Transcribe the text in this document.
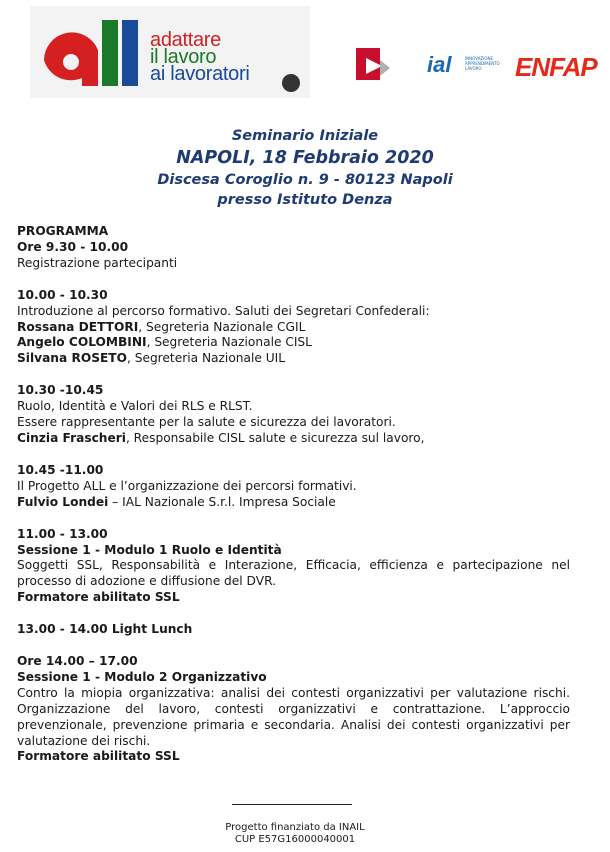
adattare
il lavoro
ai lavoratori	ial	INNOVAZIONE APPRENDIMENTO LAVORO	ENFAP
Seminario Iniziale
NAPOLI, 18 Febbraio 2020
Discesa Coroglio n. 9 - 80123 Napoli
presso Istituto Denza
PROGRAMMA
Ore 9.30 - 10.00
Registrazione partecipanti
10.00 - 10.30
Introduzione al percorso formativo. Saluti dei Segretari Confederali:
Rossana DETTORI, Segreteria Nazionale CGIL
Angelo COLOMBINI, Segreteria Nazionale CISL
Silvana ROSETO, Segreteria Nazionale UIL
10.30 -10.45
Ruolo, Identità e Valori dei RLS e RLST.
Essere rappresentante per la salute e sicurezza dei lavoratori.
Cinzia Frascheri, Responsabile CISL salute e sicurezza sul lavoro,
10.45 -11.00
Il Progetto ALL e l’organizzazione dei percorsi formativi.
Fulvio Londei – IAL Nazionale S.r.l. Impresa Sociale
11.00 - 13.00
Sessione 1 - Modulo 1 Ruolo e Identità
Soggetti SSL, Responsabilità e Interazione, Efficacia, efficienza e partecipazione nel processo di adozione e diffusione del DVR.
Formatore abilitato SSL
13.00 - 14.00 Light Lunch
Ore 14.00 – 17.00
Sessione 1 - Modulo 2 Organizzativo
Contro la miopia organizzativa: analisi dei contesti organizzativi per valutazione rischi. Organizzazione del lavoro, contesti organizzativi e contrattazione. L’approccio prevenzionale, prevenzione primaria e secondaria. Analisi dei contesti organizzativi per valutazione dei rischi.
Formatore abilitato SSL
Progetto finanziato da INAIL
CUP E57G16000040001
